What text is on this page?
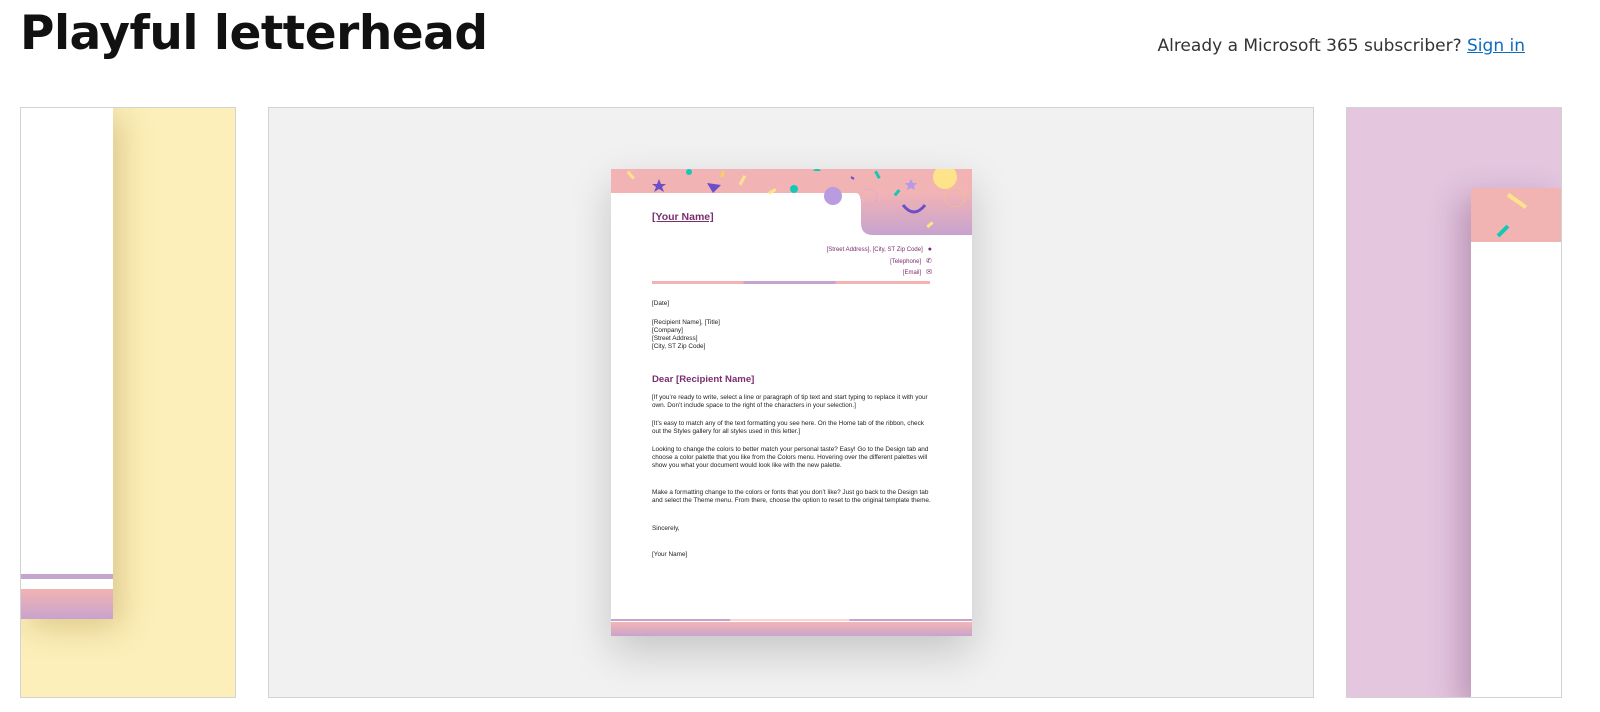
Playful letterhead	Already a Microsoft 365 subscriber? Sign in
[Your Name]
[Street Address], [City, ST Zip Code] ●
[Telephone] ✆
[Email] ✉
[Date]
[Recipient Name], [Title]
[Company]
[Street Address]
[City, ST Zip Code]
Dear [Recipient Name]
[If you’re ready to write, select a line or paragraph of tip text and start typing to replace it with your own. Don’t include space to the right of the characters in your selection.]
[It’s easy to match any of the text formatting you see here. On the Home tab of the ribbon, check out the Styles gallery for all styles used in this letter.]
Looking to change the colors to better match your personal taste? Easy! Go to the Design tab and choose a color palette that you like from the Colors menu. Hovering over the different palettes will show you what your document would look like with the new palette.
Make a formatting change to the colors or fonts that you don’t like? Just go back to the Design tab and select the Theme menu. From there, choose the option to reset to the original template theme.
Sincerely,
[Your Name]
